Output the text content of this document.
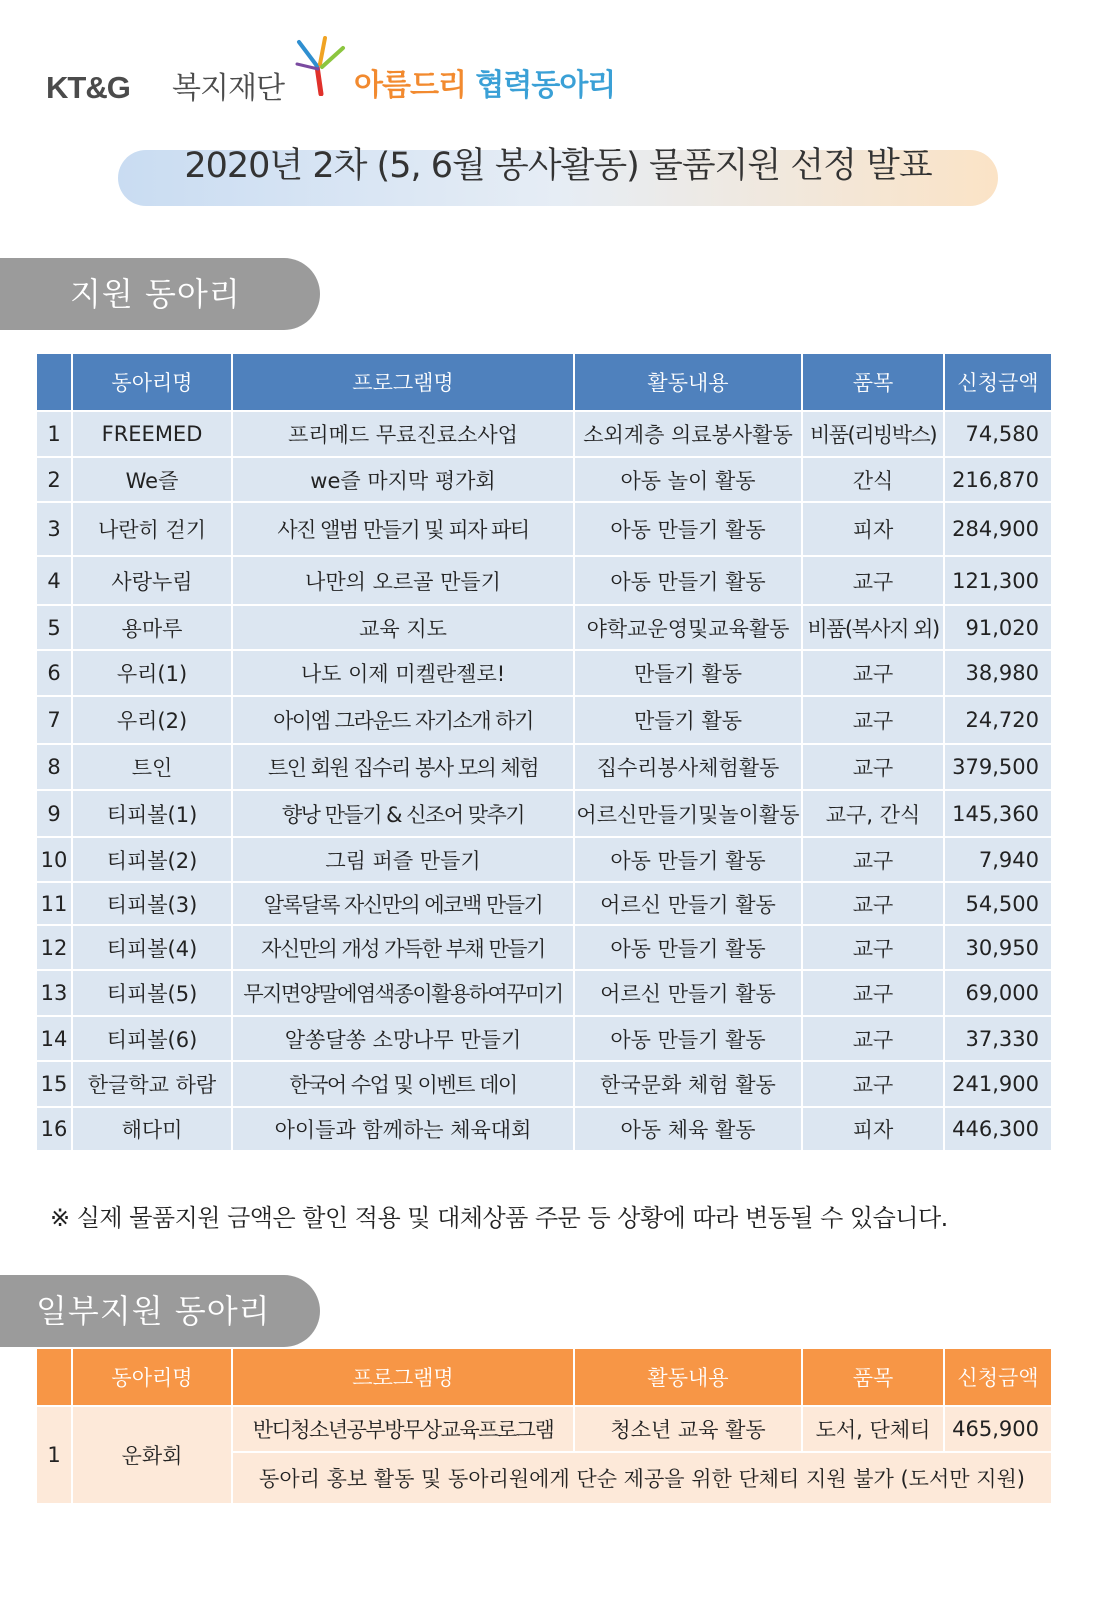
KT&G 복지재단 아름드리 협력동아리
2020년 2차 (5, 6월 봉사활동) 물품지원 선정 발표
지원 동아리
	동아리명	프로그램명	활동내용	품목	신청금액
1	FREEMED	프리메드 무료진료소사업	소외계층 의료봉사활동	비품(리빙박스)	74,580
2	We즐	we즐 마지막 평가회	아동 놀이 활동	간식	216,870
3	나란히 걷기	사진 앨범 만들기 및 피자 파티	아동 만들기 활동	피자	284,900
4	사랑누림	나만의 오르골 만들기	아동 만들기 활동	교구	121,300
5	용마루	교육 지도	야학교운영및교육활동	비품(복사지 외)	91,020
6	우리(1)	나도 이제 미켈란젤로!	만들기 활동	교구	38,980
7	우리(2)	아이엠 그라운드 자기소개 하기	만들기 활동	교구	24,720
8	트인	트인 회원 집수리 봉사 모의 체험	집수리봉사체험활동	교구	379,500
9	티피볼(1)	향낭 만들기 & 신조어 맞추기	어르신만들기및놀이활동	교구, 간식	145,360
10	티피볼(2)	그림 퍼즐 만들기	아동 만들기 활동	교구	7,940
11	티피볼(3)	알록달록 자신만의 에코백 만들기	어르신 만들기 활동	교구	54,500
12	티피볼(4)	자신만의 개성 가득한 부채 만들기	아동 만들기 활동	교구	30,950
13	티피볼(5)	무지면양말에염색종이활용하여꾸미기	어르신 만들기 활동	교구	69,000
14	티피볼(6)	알쏭달쏭 소망나무 만들기	아동 만들기 활동	교구	37,330
15	한글학교 하람	한국어 수업 및 이벤트 데이	한국문화 체험 활동	교구	241,900
16	해다미	아이들과 함께하는 체육대회	아동 체육 활동	피자	446,300
※ 실제 물품지원 금액은 할인 적용 및 대체상품 주문 등 상황에 따라 변동될 수 있습니다.
일부지원 동아리
	동아리명	프로그램명	활동내용	품목	신청금액
1	운화회	반디청소년공부방무상교육프로그램	청소년 교육 활동	도서, 단체티	465,900
		동아리 홍보 활동 및 동아리원에게 단순 제공을 위한 단체티 지원 불가 (도서만 지원)			
